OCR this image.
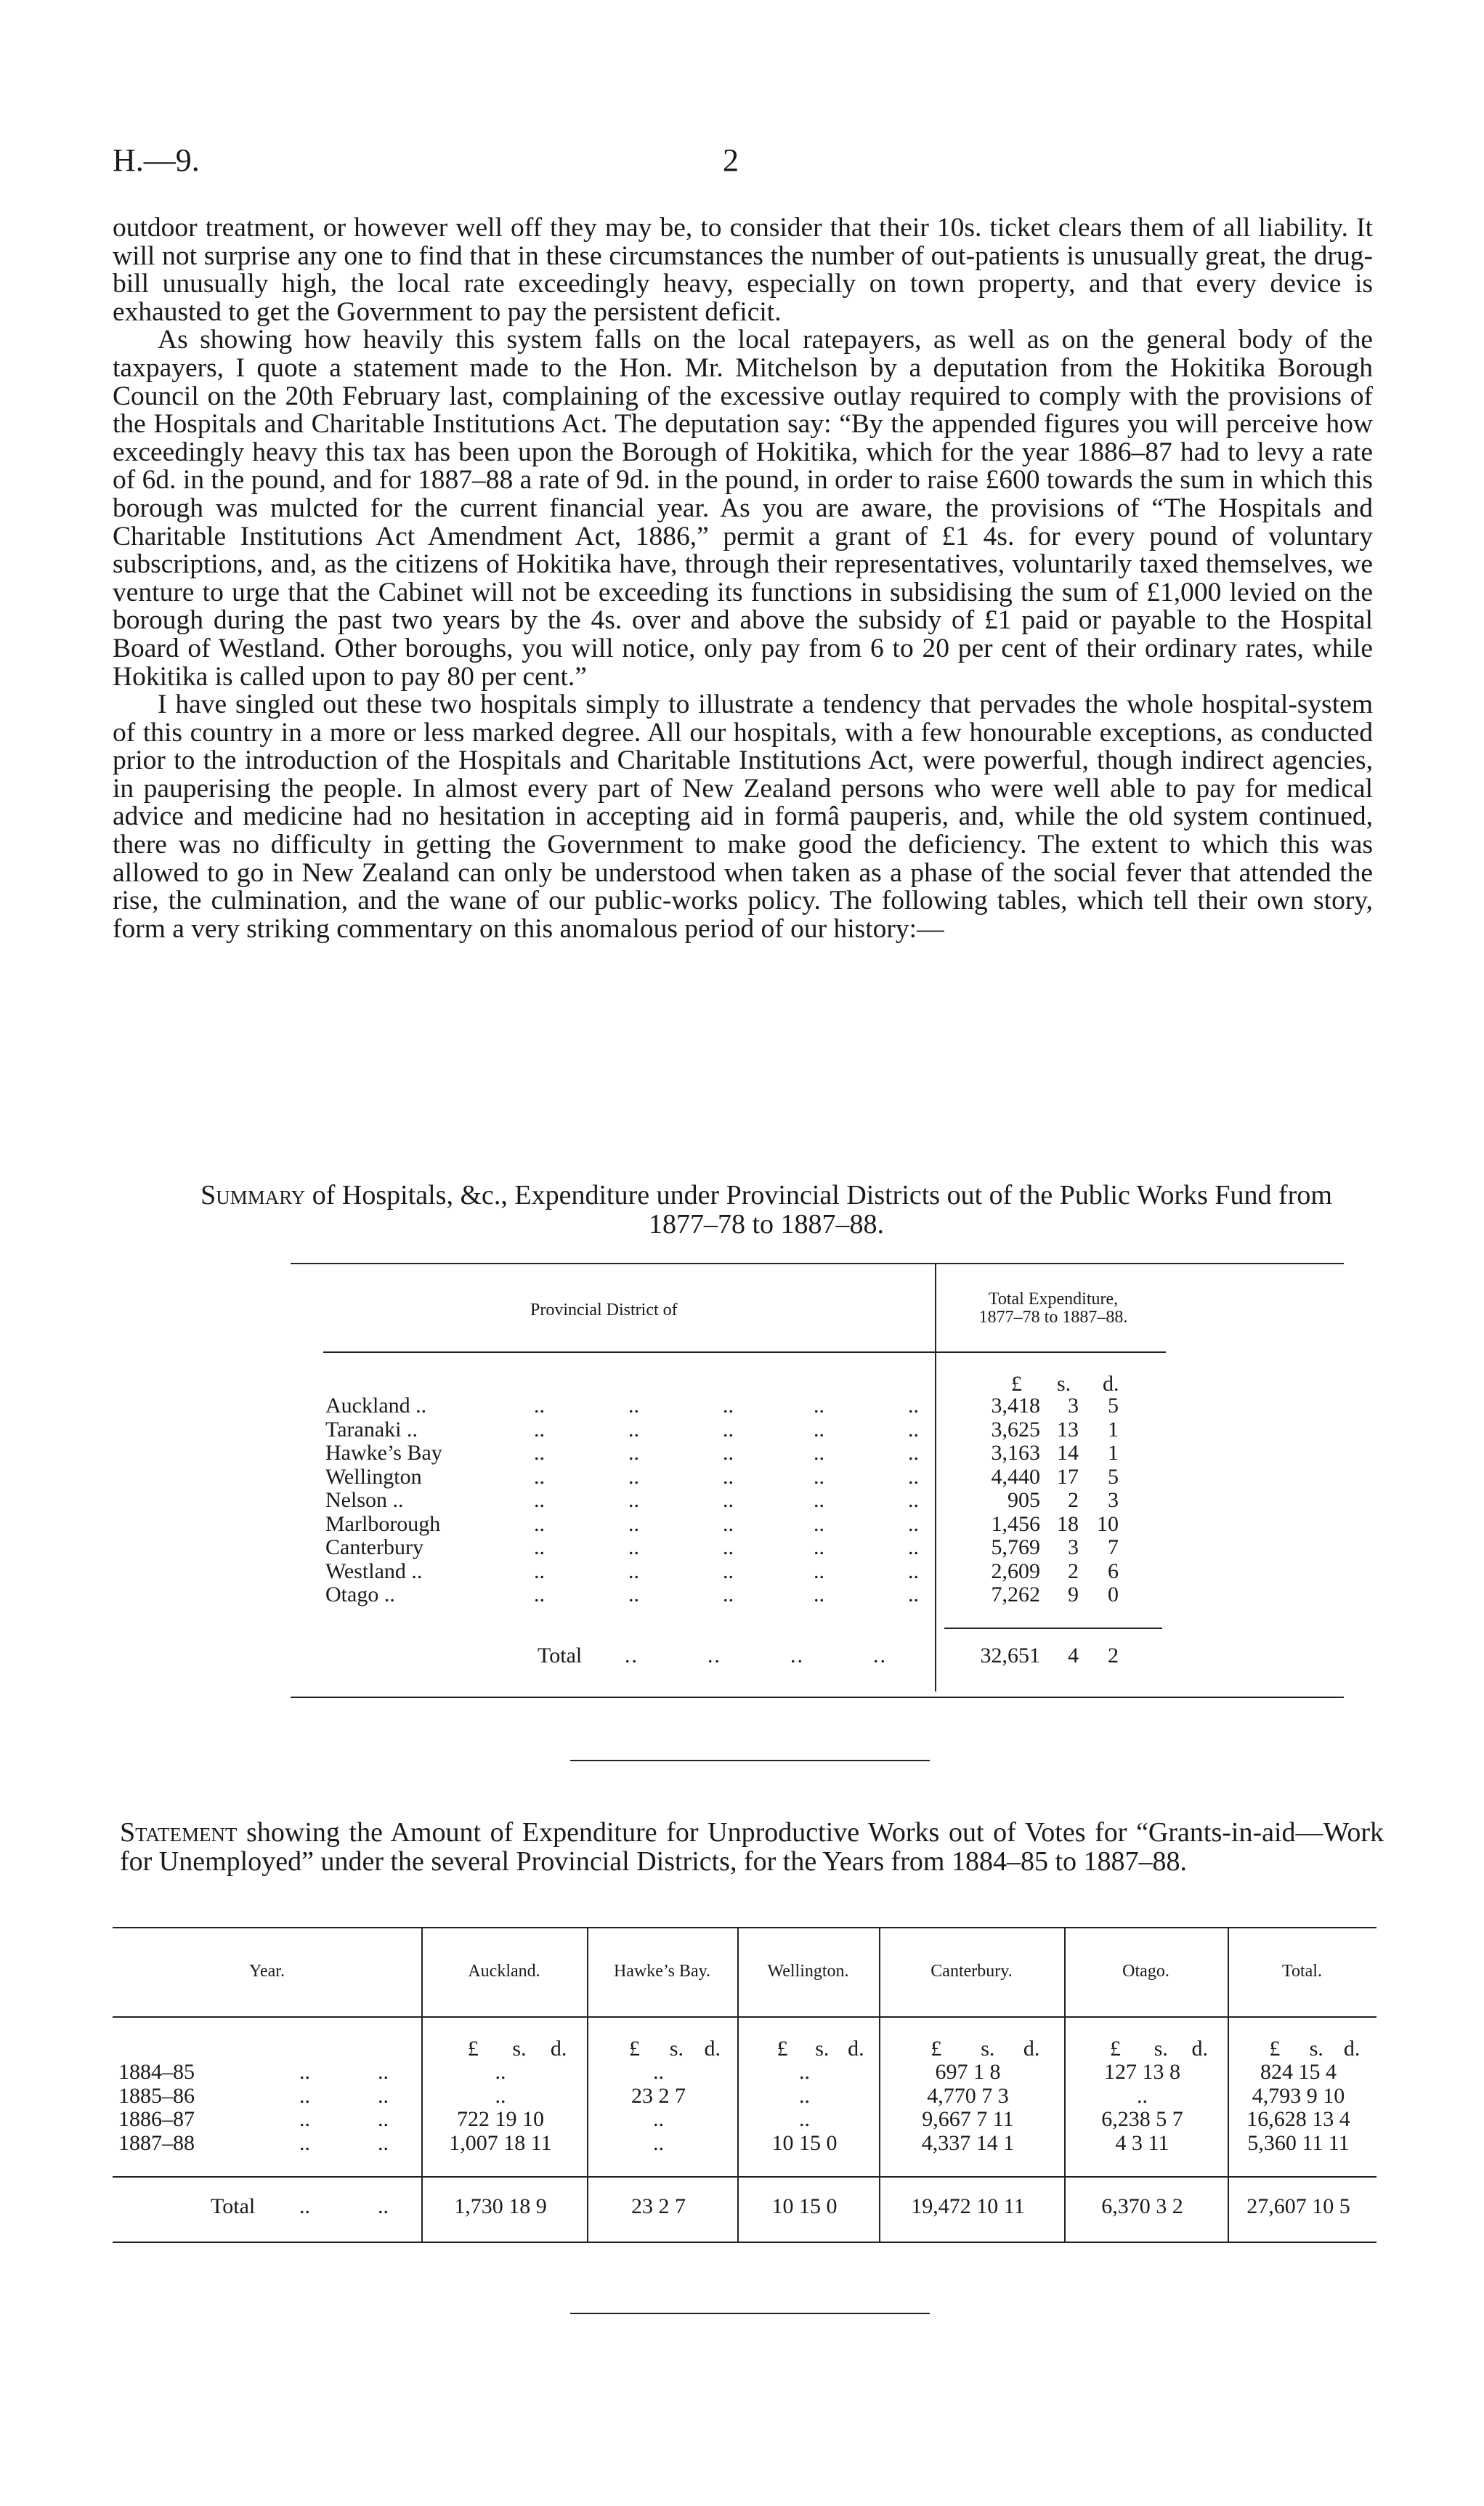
H.—9.	2

outdoor treatment, or however well off they may be, to consider that their 10s. ticket clears them of all liability. It will not surprise any one to find that in these circumstances the number of out-patients is unusually great, the drug-bill unusually high, the local rate exceedingly heavy, especially on town property, and that every device is exhausted to get the Government to pay the persistent deficit.

As showing how heavily this system falls on the local ratepayers, as well as on the general body of the taxpayers, I quote a statement made to the Hon. Mr. Mitchelson by a deputation from the Hokitika Borough Council on the 20th February last, complaining of the excessive outlay required to comply with the provisions of the Hospitals and Charitable Institutions Act. The deputation say: “By the appended figures you will perceive how exceedingly heavy this tax has been upon the Borough of Hokitika, which for the year 1886–87 had to levy a rate of 6d. in the pound, and for 1887–88 a rate of 9d. in the pound, in order to raise £600 towards the sum in which this borough was mulcted for the current financial year. As you are aware, the provisions of “The Hospitals and Charitable Institutions Act Amendment Act, 1886,” permit a grant of £1 4s. for every pound of voluntary subscriptions, and, as the citizens of Hokitika have, through their representatives, voluntarily taxed themselves, we venture to urge that the Cabinet will not be exceeding its functions in subsidising the sum of £1,000 levied on the borough during the past two years by the 4s. over and above the subsidy of £1 paid or payable to the Hospital Board of Westland. Other boroughs, you will notice, only pay from 6 to 20 per cent of their ordinary rates, while Hokitika is called upon to pay 80 per cent.”

I have singled out these two hospitals simply to illustrate a tendency that pervades the whole hospital-system of this country in a more or less marked degree. All our hospitals, with a few honourable exceptions, as conducted prior to the introduction of the Hospitals and Charitable Institutions Act, were powerful, though indirect agencies, in pauperising the people. In almost every part of New Zealand persons who were well able to pay for medical advice and medicine had no hesitation in accepting aid in formâ pauperis, and, while the old system continued, there was no difficulty in getting the Government to make good the deficiency. The extent to which this was allowed to go in New Zealand can only be understood when taken as a phase of the social fever that attended the rise, the culmination, and the wane of our public-works policy. The following tables, which tell their own story, form a very striking commentary on this anomalous period of our history:—

Summary of Hospitals, &c., Expenditure under Provincial Districts out of the Public Works Fund from 1877–78 to 1887–88.
Provincial District of
Total Expenditure,
1877–78 to 1887–88.
£ s. d.
Auckland ..	..	..	..	..	..	3,418	3	5
Taranaki ..	..	..	..	..	..	3,625 13	1
Hawke’s Bay	..	..	..	..	..	3,163 14	1
Wellington	..	..	..	..	..	4,440 17	5
Nelson ..	..	..	..	..	..	905	2	3
Marlborough	..	..	..	..	..	1,456 18 10
Canterbury	..	..	..	..	..	5,769	3	7
Westland ..	..	..	..	..	..	2,609	2	6
Otago ..	..	..	..	..	..	7,262	9	0
Total ..          ..          ..          ..	32,651	4	2
Statement showing the Amount of Expenditure for Unproductive Works out of Votes for “Grants-in-aid—Work for Unemployed” under the several Provincial Districts, for the Years from 1884–85 to 1887–88.
Year.	Auckland.	Hawke’s Bay.	Wellington.	Canterbury.	Otago.	Total.
£ s. d.	£ s. d.	£ s. d.	£ s. d.	£ s. d.	£ s. d.
1884–85	..	..	..	..	..	697 1 8	127 13 8	824 15 4
1885–86	..	..	..	23 2 7	..	4,770 7 3	..	4,793 9 10
1886–87	..	..	722 19 10	..	..	9,667 7 11	6,238 5 7	16,628 13 4
1887–88	..	..	1,007 18 11	..	10 15 0	4,337 14 1	4 3 11	5,360 11 11
Total ..	..	1,730 18 9	23 2 7	10 15 0	19,472 10 11	6,370 3 2	27,607 10 5
